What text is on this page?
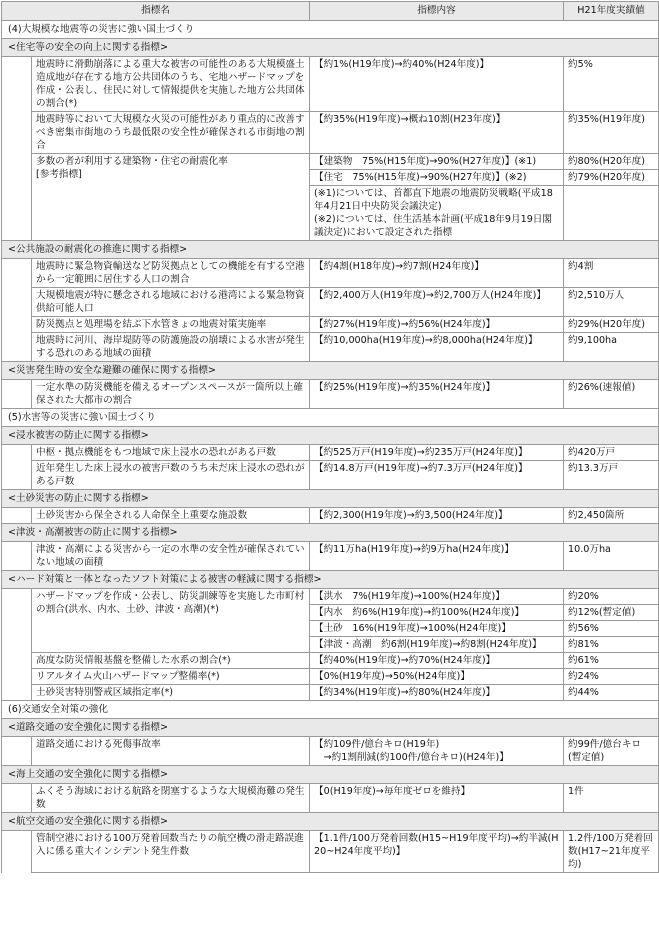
指標名		指標内容	H21年度実績値
(4)大規模な地震等の災害に強い国土づくり			
<住宅等の安全の向上に関する指標>			
	地震時に滑動崩落による重大な被害の可能性のある大規模盛土造成地が存在する地方公共団体のうち、宅地ハザードマップを作成・公表し、住民に対して情報提供を実施した地方公共団体の割合(*)	【約1%(H19年度)→約40%(H24年度)】	約5%
	地震時等において大規模な火災の可能性があり重点的に改善すべき密集市街地のうち最低限の安全性が確保される市街地の割合	【約35%(H19年度)→概ね10割(H23年度)】	約35%(H19年度)
	多数の者が利用する建築物・住宅の耐震化率
[参考指標]	【建築物　75%(H15年度)→90%(H27年度)】(※1)	約80%(H20年度)
		【住宅　75%(H15年度)→90%(H27年度)】(※2)	約79%(H20年度)
		(※1)については、首都直下地震の地震防災戦略(平成18年4月21日中央防災会議決定)
(※2)については、住生活基本計画(平成18年9月19日閣議決定)において設定された指標	
<公共施設の耐震化の推進に関する指標>			
	地震時に緊急物資輸送など防災拠点としての機能を有する空港から一定範囲に居住する人口の割合	【約4割(H18年度)→約7割(H24年度)】	約4割
	大規模地震が特に懸念される地域における港湾による緊急物資供給可能人口	【約2,400万人(H19年度)→約2,700万人(H24年度)】	約2,510万人
	防災拠点と処理場を結ぶ下水管きょの地震対策実施率	【約27%(H19年度)→約56%(H24年度)】	約29%(H20年度)
	地震時に河川、海岸堤防等の防護施設の崩壊による水害が発生する恐れのある地域の面積	【約10,000ha(H19年度)→約8,000ha(H24年度)】	約9,100ha
<災害発生時の安全な避難の確保に関する指標>			
	一定水準の防災機能を備えるオープンスペースが一箇所以上確保された大都市の割合	【約25%(H19年度)→約35%(H24年度)】	約26%(速報値)
(5)水害等の災害に強い国土づくり			
<浸水被害の防止に関する指標>			
	中枢・拠点機能をもつ地域で床上浸水の恐れがある戸数	【約525万戸(H19年度)→約235万戸(H24年度)】	約420万戸
	近年発生した床上浸水の被害戸数のうち未だ床上浸水の恐れがある戸数	【約14.8万戸(H19年度)→約7.3万戸(H24年度)】	約13.3万戸
<土砂災害の防止に関する指標>			
	土砂災害から保全される人命保全上重要な施設数	【約2,300(H19年度)→約3,500(H24年度)】	約2,450箇所
<津波・高潮被害の防止に関する指標>			
	津波・高潮による災害から一定の水準の安全性が確保されていない地域の面積	【約11万ha(H19年度)→約9万ha(H24年度)】	10.0万ha
<ハード対策と一体となったソフト対策による被害の軽減に関する指標>			
	ハザードマップを作成・公表し、防災訓練等を実施した市町村の割合(洪水、内水、土砂、津波・高潮)(*)	【洪水　7%(H19年度)→100%(H24年度)】	約20%
		【内水　約6%(H19年度)→約100%(H24年度)】	約12%(暫定値)
		【土砂　16%(H19年度)→100%(H24年度)】	約56%
		【津波・高潮　約6割(H19年度)→約8割(H24年度)】	約81%
	高度な防災情報基盤を整備した水系の割合(*)	【約40%(H19年度)→約70%(H24年度)】	約61%
	リアルタイム火山ハザードマップ整備率(*)	【0%(H19年度)→50%(H24年度)】	約24%
	土砂災害特別警戒区域指定率(*)	【約34%(H19年度)→約80%(H24年度)】	約44%
(6)交通安全対策の強化			
<道路交通の安全強化に関する指標>			
	道路交通における死傷事故率	【約109件/億台キロ(H19年)
　→約1割削減(約100件/億台キロ)(H24年)】	約99件/億台キロ(暫定値)
<海上交通の安全強化に関する指標>			
	ふくそう海域における航路を閉塞するような大規模海難の発生数	【0(H19年度)→毎年度ゼロを維持】	1件
<航空交通の安全強化に関する指標>			
	管制空港における100万発着回数当たりの航空機の滑走路誤進入に係る重大インシデント発生件数	【1.1件/100万発着回数(H15~H19年度平均)→約半減(H20~H24年度平均)】	1.2件/100万発着回数(H17~21年度平均)
